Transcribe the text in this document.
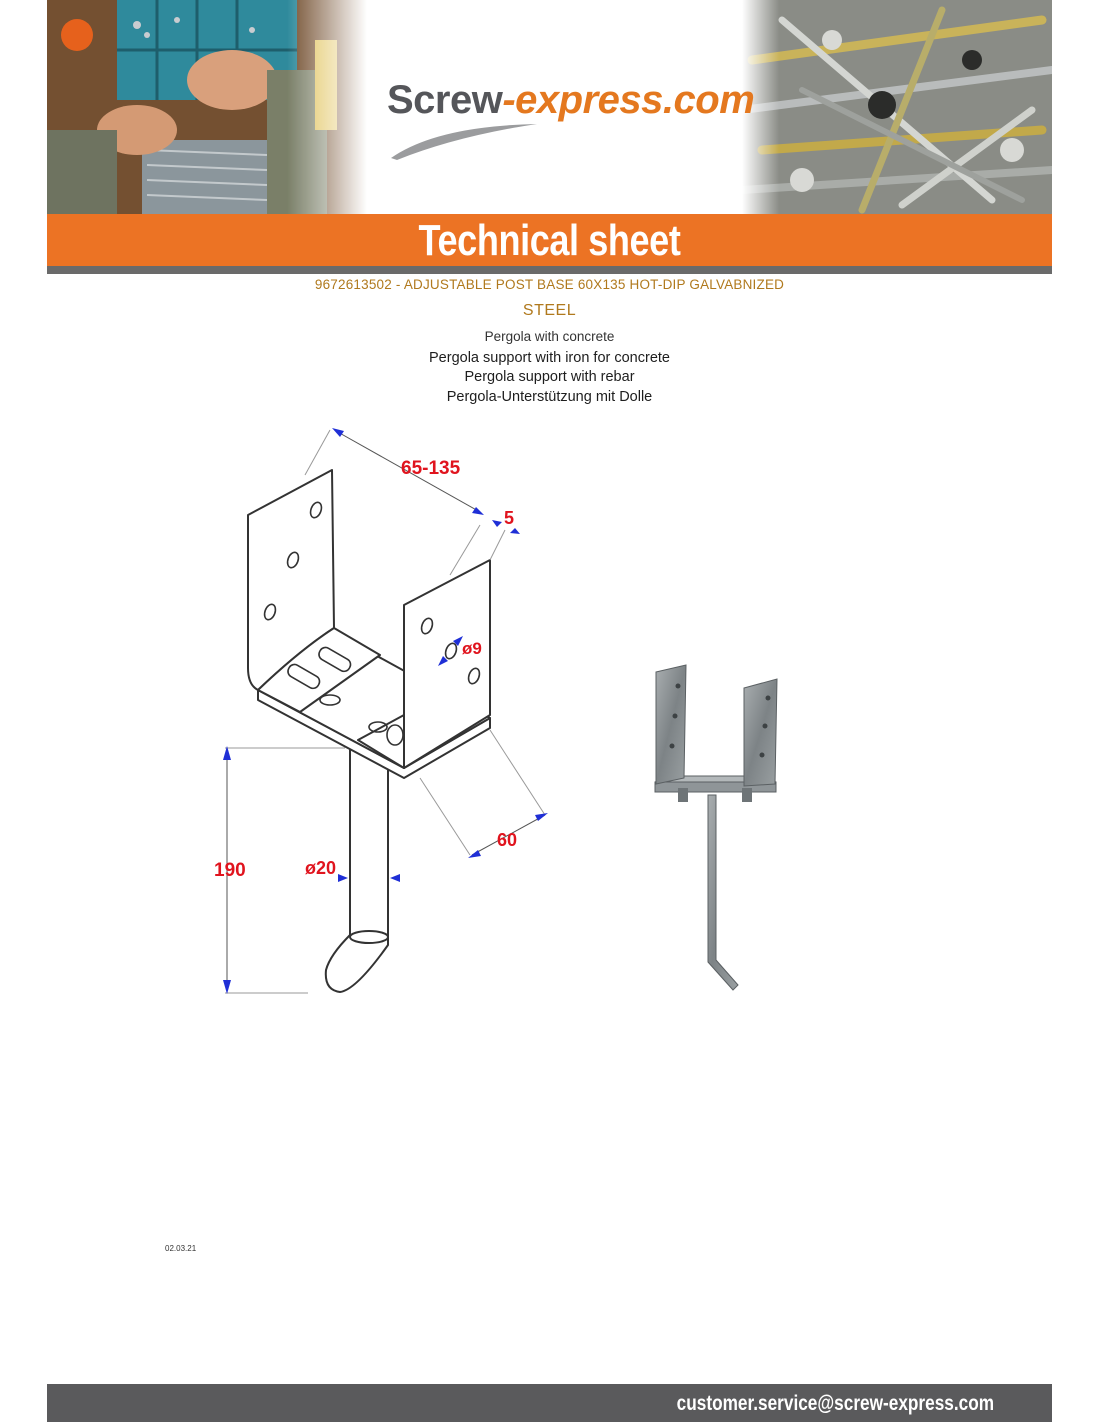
Screw-express.com
Technical sheet
9672613502 - ADJUSTABLE POST BASE 60X135 HOT-DIP GALVABNIZED
STEEL
Pergola with concrete
Pergola support with iron for concrete
Pergola support with rebar
Pergola-Unterstützung mit Dolle
65-135
5
ø9
60
190	ø20
02.03.21
customer.service@screw-express.com
